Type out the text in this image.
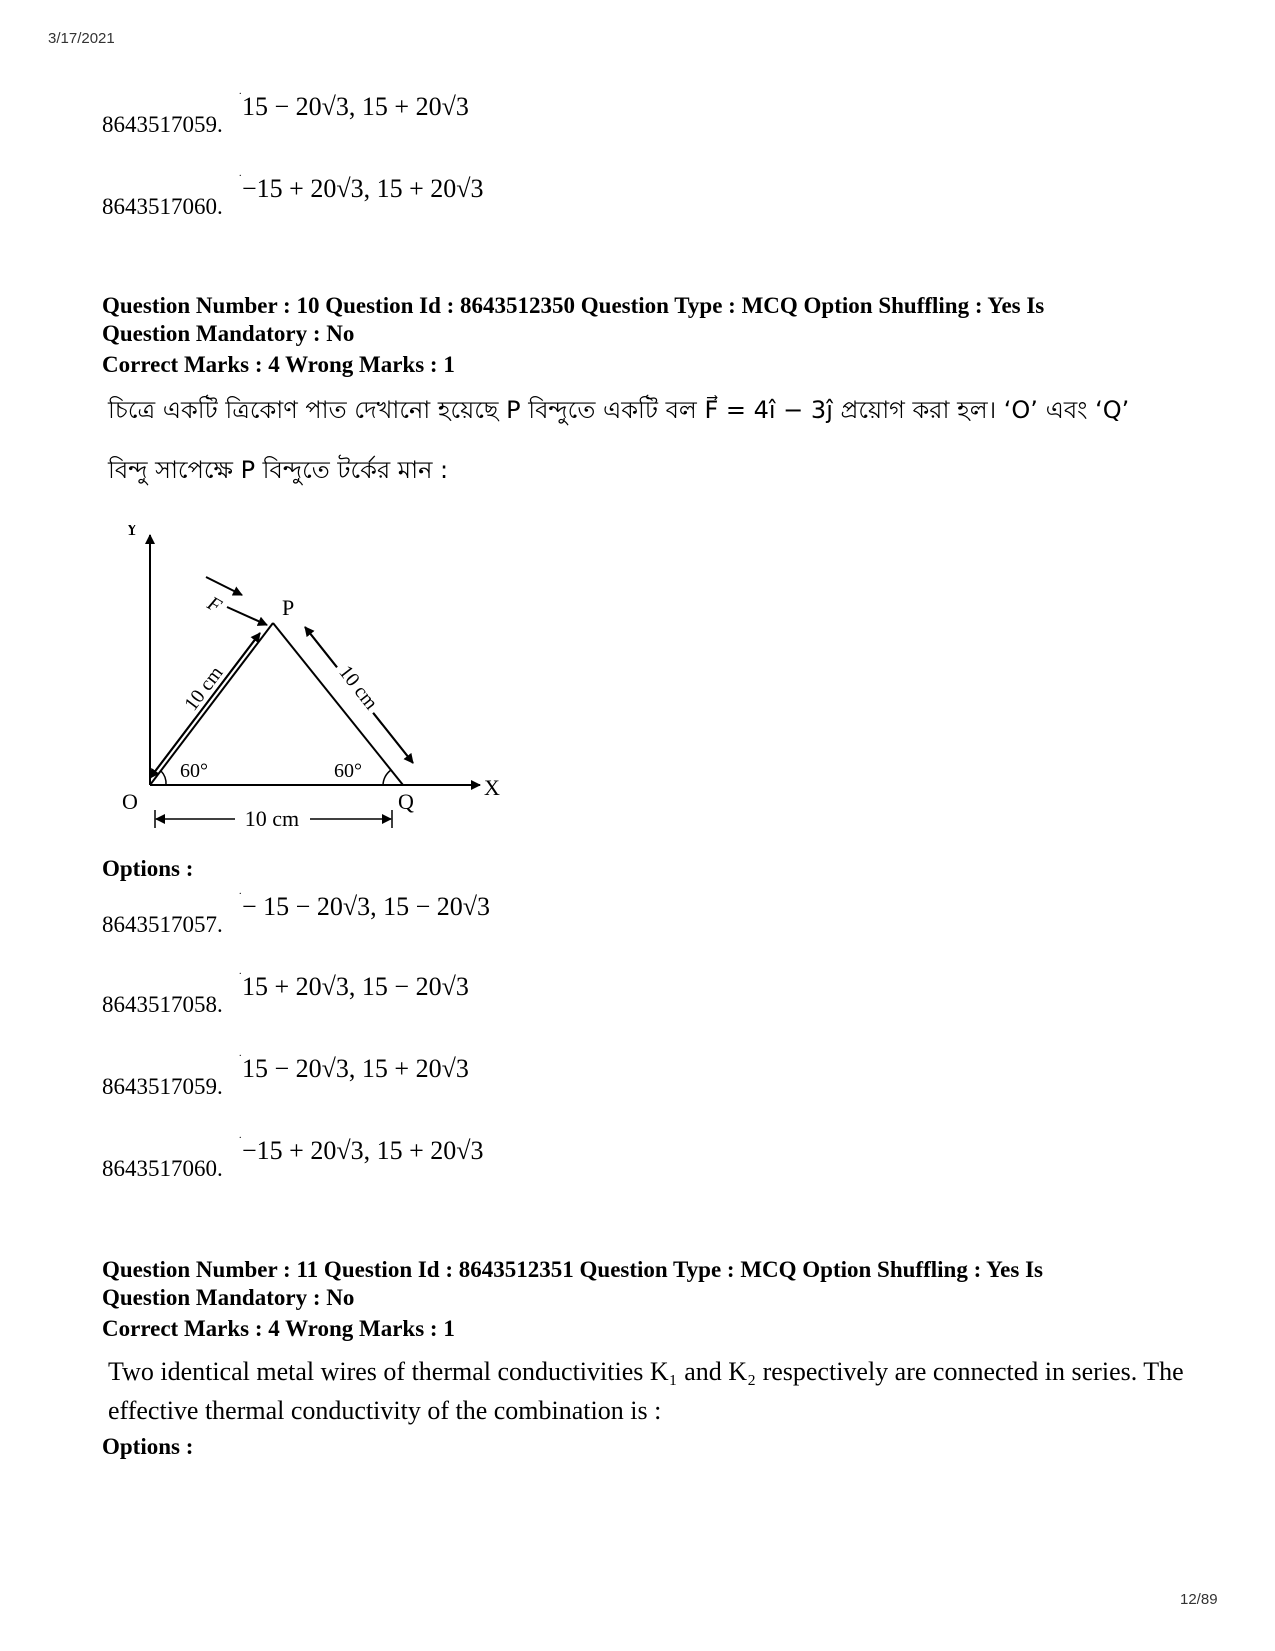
3/17/2021
.
15 − 20√3, 15 + 20√3
8643517059.
.
−15 + 20√3, 15 + 20√3
8643517060.
Question Number : 10 Question Id : 8643512350 Question Type : MCQ Option Shuffling : Yes Is
Question Mandatory : No
Correct Marks : 4 Wrong Marks : 1
চিত্রে একটি ত্রিকোণ পাত দেখানো হয়েছে P বিন্দুতে একটি বল F⃗ = 4î − 3ĵ প্রয়োগ করা হল। ‘O’ এবং ‘Q’
বিন্দু সাপেক্ষে P বিন্দুতে টর্কের মান :
Y
X
O
P
Q
F
10 cm	10 cm
60°	60°
10 cm
Options :
.
− 15 − 20√3, 15 − 20√3
8643517057.
.
15 + 20√3, 15 − 20√3
8643517058.
.
15 − 20√3, 15 + 20√3
8643517059.
.
−15 + 20√3, 15 + 20√3
8643517060.
Question Number : 11 Question Id : 8643512351 Question Type : MCQ Option Shuffling : Yes Is
Question Mandatory : No
Correct Marks : 4 Wrong Marks : 1
Two identical metal wires of thermal conductivities K₁ and K₂ respectively are connected in series. The effective thermal conductivity of the combination is :
Options :
12/89
